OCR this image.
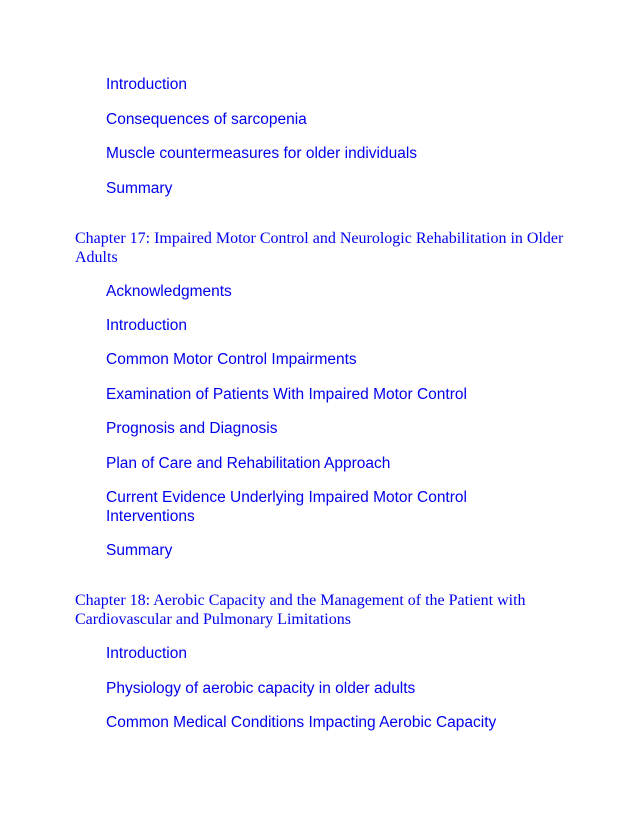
Introduction
Consequences of sarcopenia
Muscle countermeasures for older individuals
Summary
Chapter 17: Impaired Motor Control and Neurologic Rehabilitation in Older Adults
Acknowledgments
Introduction
Common Motor Control Impairments
Examination of Patients With Impaired Motor Control
Prognosis and Diagnosis
Plan of Care and Rehabilitation Approach
Current Evidence Underlying Impaired Motor Control Interventions
Summary
Chapter 18: Aerobic Capacity and the Management of the Patient with Cardiovascular and Pulmonary Limitations
Introduction
Physiology of aerobic capacity in older adults
Common Medical Conditions Impacting Aerobic Capacity
